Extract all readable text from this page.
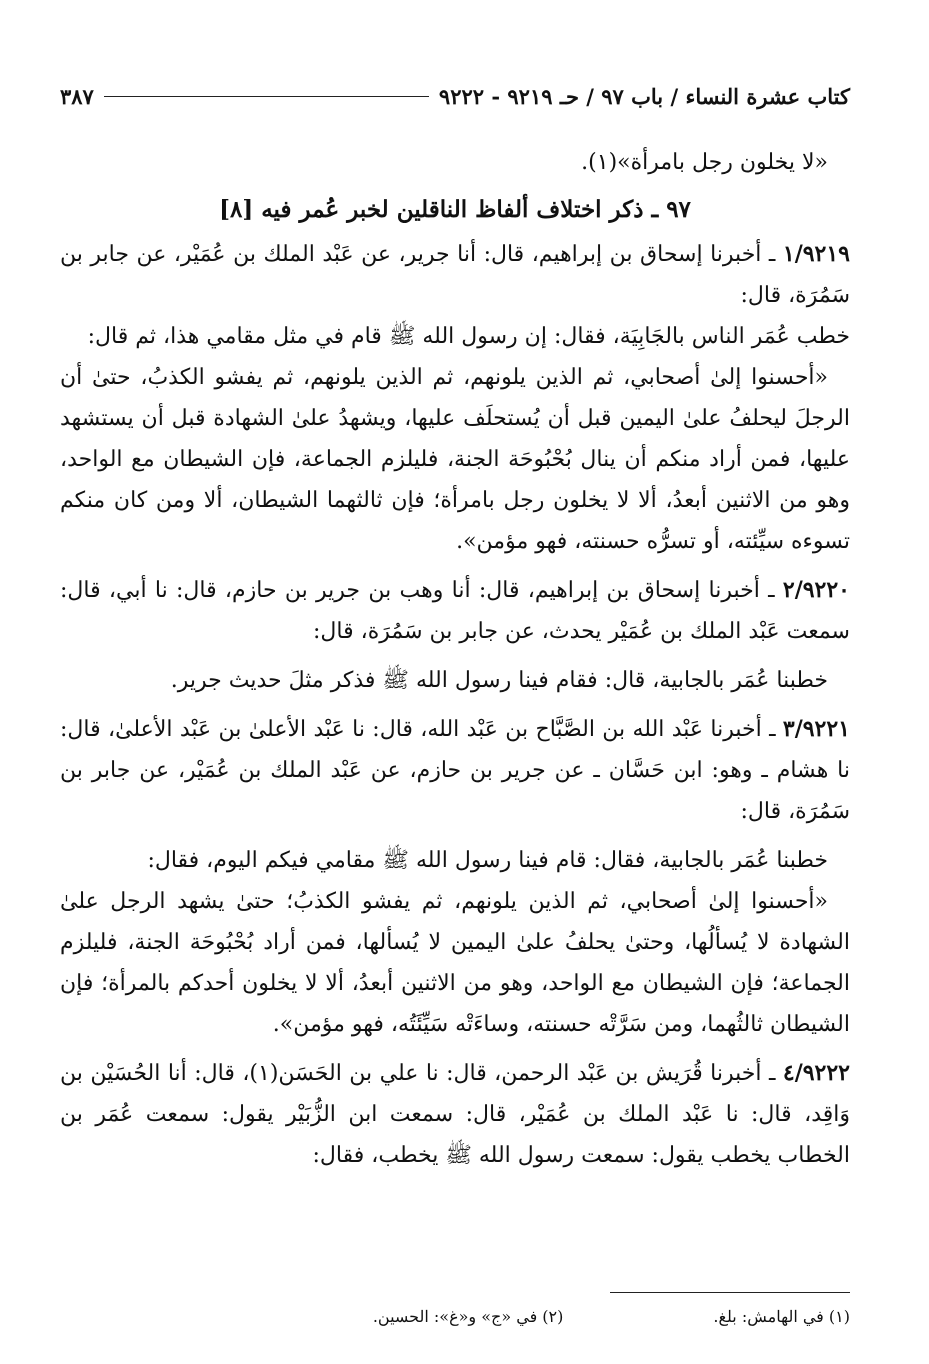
كتاب عشرة النساء / باب ٩٧ / حـ ٩٢١٩ - ٩٢٢٢
٣٨٧

«لا يخلون رجل بامرأة»(١).

٩٧ ـ ذكر اختلاف ألفاظ الناقلين لخبر عُمر فيه [٨]

١/٩٢١٩ ـ أخبرنا إسحاق بن إبراهيم، قال: أنا جرير، عن عَبْد الملك بن عُمَيْر، عن جابر بن سَمُرَة، قال:

خطب عُمَر الناس بالجَابِيَة، فقال: إن رسول الله ﷺ قام في مثل مقامي هذا، ثم قال:

«أحسنوا إلىٰ أصحابي، ثم الذين يلونهم، ثم الذين يلونهم، ثم يفشو الكذبُ، حتىٰ أن الرجلَ ليحلفُ علىٰ اليمين قبل أن يُستحلَف عليها، ويشهدُ علىٰ الشهادة قبل أن يستشهد عليها، فمن أراد منكم أن ينال بُحْبُوحَة الجنة، فليلزم الجماعة، فإن الشيطان مع الواحد، وهو من الاثنين أبعدُ، ألا لا يخلون رجل بامرأة؛ فإن ثالثهما الشيطان، ألا ومن كان منكم تسوءه سيِّئته، أو تسرُّه حسنته، فهو مؤمن».

٢/٩٢٢٠ ـ أخبرنا إسحاق بن إبراهيم، قال: أنا وهب بن جرير بن حازم، قال: نا أبي، قال: سمعت عَبْد الملك بن عُمَيْر يحدث، عن جابر بن سَمُرَة، قال:

خطبنا عُمَر بالجابية، قال: فقام فينا رسول الله ﷺ فذكر مثلَ حديث جرير.

٣/٩٢٢١ ـ أخبرنا عَبْد الله بن الصَّبَّاح بن عَبْد الله، قال: نا عَبْد الأعلىٰ بن عَبْد الأعلىٰ، قال: نا هشام ـ وهو: ابن حَسَّان ـ عن جرير بن حازم، عن عَبْد الملك بن عُمَيْر، عن جابر بن سَمُرَة، قال:

خطبنا عُمَر بالجابية، فقال: قام فينا رسول الله ﷺ مقامي فيكم اليوم، فقال:

«أحسنوا إلىٰ أصحابي، ثم الذين يلونهم، ثم يفشو الكذبُ؛ حتىٰ يشهد الرجل علىٰ الشهادة لا يُسألُها، وحتىٰ يحلفُ علىٰ اليمين لا يُسألها، فمن أراد بُحْبُوحَة الجنة، فليلزم الجماعة؛ فإن الشيطان مع الواحد، وهو من الاثنين أبعدُ، ألا لا يخلون أحدكم بالمرأة؛ فإن الشيطان ثالثُهما، ومن سَرَّتْه حسنته، وساءَتْه سَيِّئَتُه، فهو مؤمن».

٤/٩٢٢٢ ـ أخبرنا قُرَيش بن عَبْد الرحمن، قال: نا علي بن الحَسَن(١)، قال: أنا الحُسَيْن بن وَاقِد، قال: نا عَبْد الملك بن عُمَيْر، قال: سمعت ابن الزُّبَيْر يقول: سمعت عُمَر بن الخطاب يخطب يقول: سمعت رسول الله ﷺ يخطب، فقال:

(١) في الهامش: بلغ.
(٢) في «ج» و«غ»: الحسين.
